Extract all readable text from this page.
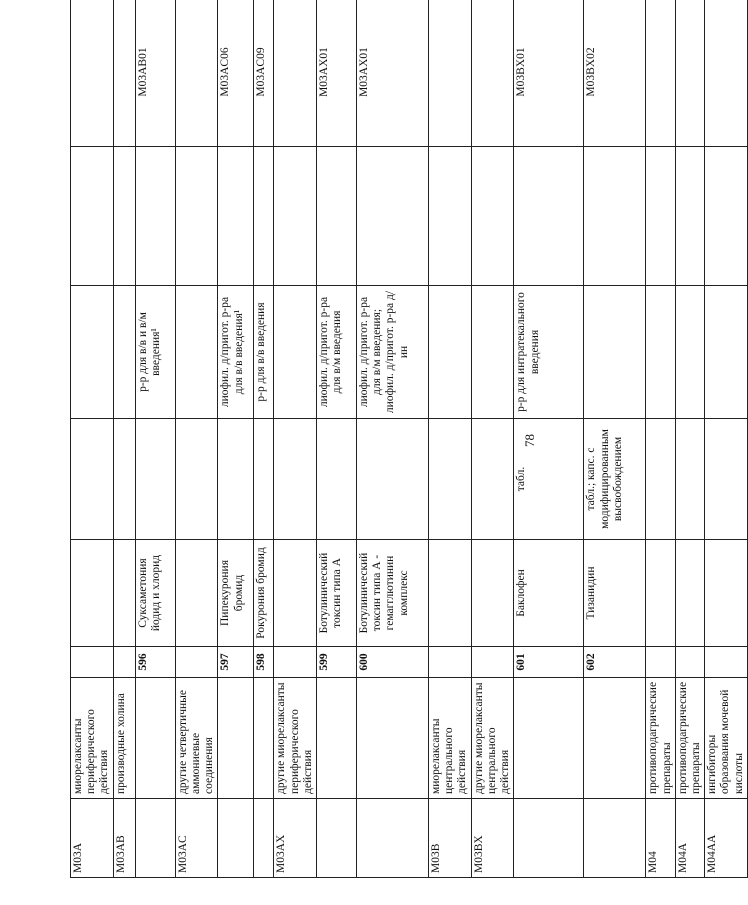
78
M03A	миорелаксанты периферического действия						
M03AB	производные холина						
		596	Суксаметония йодид и хлорид		р-р для в/в и в/м введения¹		M03AB01
M03AC	другие четвертичные аммониевые соединения						
		597	Пипекурония бромид		лиофил. д/пригот. р-ра для в/в введения¹		M03AC06
		598	Рокурония бромид		р-р для в/в введения		M03AC09
M03AX	другие миорелаксанты периферического действия						
		599	Ботулинический токсин типа А		лиофил. д/пригот. р-ра для в/м введения		M03AX01
		600	Ботулинический токсин типа А - гемагглютинин комплекс		лиофил. д/пригот. р-ра для в/м введения; лиофил. д/пригот. р-ра д/ин		M03AX01
M03B	миорелаксанты центрального действия						
M03BX	другие миорелаксанты центрального действия						
		601	Баклофен	табл.	р-р для интратекального введения		M03BX01
		602	Тизанидин	табл.; капс. с модифицированным высвобождением			M03BX02
M04	противоподагрические препараты						
M04A	противоподагрические препараты						
M04AA	ингибиторы образования мочевой кислоты						
